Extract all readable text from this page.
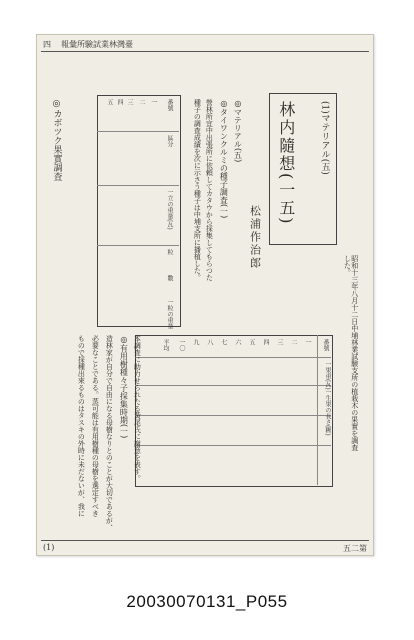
四 報彙所驗試業林灣臺
(1)マテリアル(五)
林内隨想(一五)
松浦作治郎
昭和十三年八月十二日中埔林業試驗支所の植栽木の果實を調査した。
◎マテリアル(五)
◎タイワンクルミの種子調査(一)
營林所宜中出張所に依頼してカタウから採集してもらつた
種子の調査成績を次に示さう種子は中埔支所に播植した。
番號
區分
一立の重量(瓦)
粒
數
一粒の重量
一
二
三
四
五
◎カボツク果實調査
番號
一
二
三
四
五
六
七
八
九
一〇
平均
一果重(瓦)
一生果の長さ(糎)
◎有用樹種々子採集時期(一) 本調査に助力せられたる黃尾氏に謝意を表す。
造林家が自分で自由になる母樹なりとのことが大切であるが、
必要なことである。蒸可能は有用樹種の母樹を選定すべき
もので採種出來るものはタスキの外時に未だないが、我に
(1)	五二第
20030070131_P055
